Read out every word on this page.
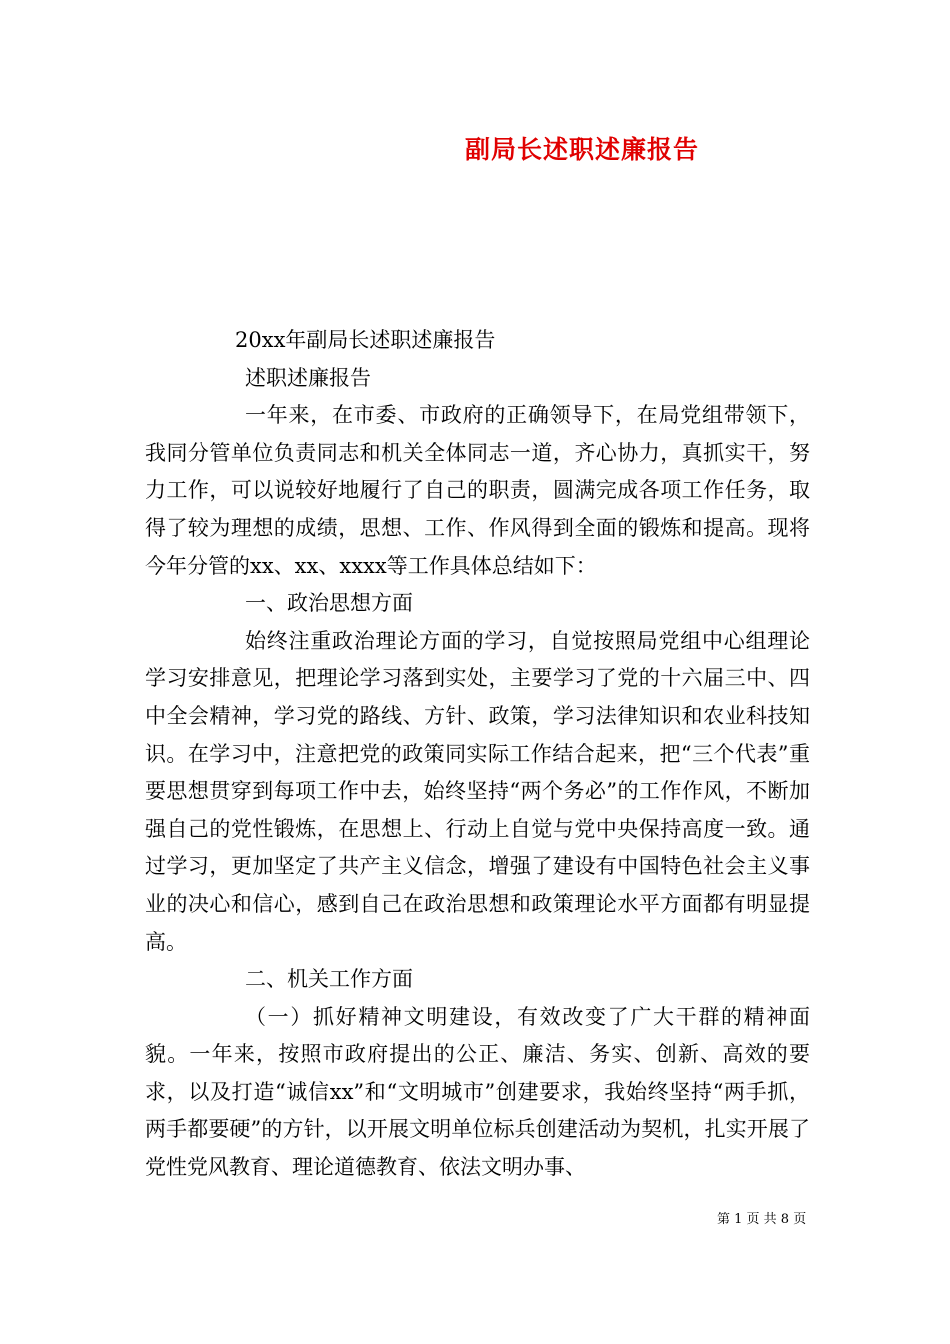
副局长述职述廉报告

20xx年副局长述职述廉报告

述职述廉报告

一年来，在市委、市政府的正确领导下，在局党组带领下，我同分管单位负责同志和机关全体同志一道，齐心协力，真抓实干，努力工作，可以说较好地履行了自己的职责，圆满完成各项工作任务，取得了较为理想的成绩，思想、工作、作风得到全面的锻炼和提高。现将今年分管的xx、xx、xxxx等工作具体总结如下：

一、政治思想方面

始终注重政治理论方面的学习，自觉按照局党组中心组理论学习安排意见，把理论学习落到实处，主要学习了党的十六届三中、四中全会精神，学习党的路线、方针、政策，学习法律知识和农业科技知识。在学习中，注意把党的政策同实际工作结合起来，把“三个代表”重要思想贯穿到每项工作中去，始终坚持“两个务必”的工作作风，不断加强自己的党性锻炼，在思想上、行动上自觉与党中央保持高度一致。通过学习，更加坚定了共产主义信念，增强了建设有中国特色社会主义事业的决心和信心，感到自己在政治思想和政策理论水平方面都有明显提高。

二、机关工作方面

（一）抓好精神文明建设，有效改变了广大干群的精神面貌。一年来，按照市政府提出的公正、廉洁、务实、创新、高效的要求，以及打造“诚信xx”和“文明城市”创建要求，我始终坚持“两手抓，两手都要硬”的方针，以开展文明单位标兵创建活动为契机，扎实开展了党性党风教育、理论道德教育、依法文明办事、

第 1 页 共 8 页
